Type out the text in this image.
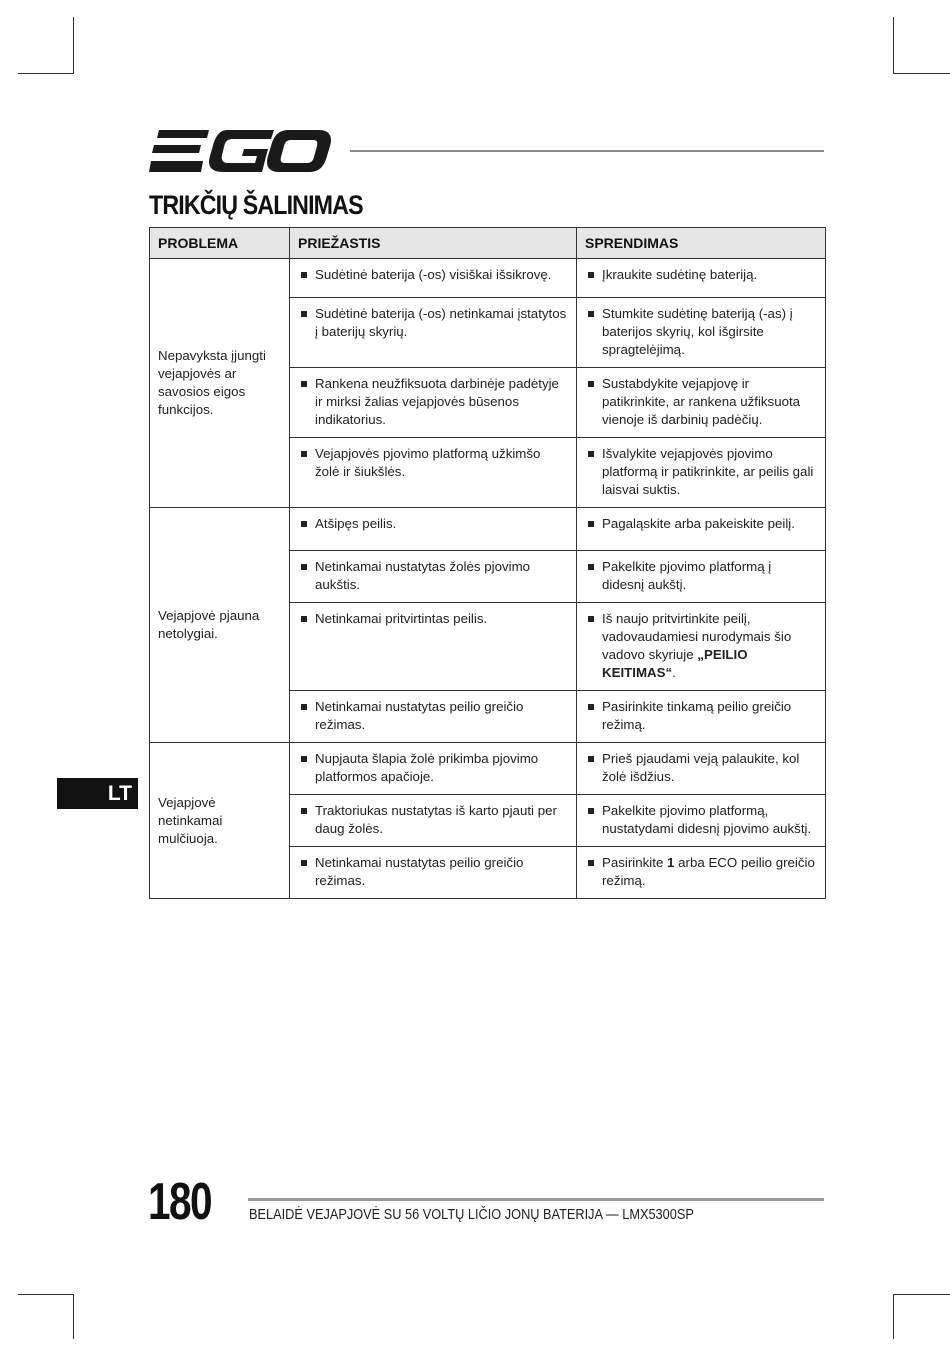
TRIKČIŲ ŠALINIMAS
PROBLEMA	PRIEŽASTIS	SPRENDIMAS
Nepavyksta įjungti vejapjovės ar savosios eigos funkcijos.	Sudėtinė baterija (-os) visiškai išsikrovę.	Įkraukite sudėtinę bateriją.

	Sudėtinė baterija (-os) netinkamai įstatytos į baterijų skyrių.	Stumkite sudėtinę bateriją (-as) į baterijos skyrių, kol išgirsite spragtelėjimą.

	Rankena neužfiksuota darbinėje padėtyje ir mirksi žalias vejapjovės būsenos indikatorius.	Sustabdykite vejapjovę ir patikrinkite, ar rankena užfiksuota vienoje iš darbinių padėčių.

	Vejapjovės pjovimo platformą užkimšo žolė ir šiukšlės.	Išvalykite vejapjovės pjovimo platformą ir patikrinkite, ar peilis gali laisvai suktis.

Vejapjovė pjauna netolygiai.	Atšipęs peilis.	Pagaląskite arba pakeiskite peilį.

	Netinkamai nustatytas žolės pjovimo aukštis.	Pakelkite pjovimo platformą į didesnį aukštį.

	Netinkamai pritvirtintas peilis.	Iš naujo pritvirtinkite peilį, vadovaudamiesi nurodymais šio vadovo skyriuje „PEILIO KEITIMAS“.

	Netinkamai nustatytas peilio greičio režimas.	Pasirinkite tinkamą peilio greičio režimą.

Vejapjovė netinkamai mulčiuoja.	Nupjauta šlapia žolė prikimba pjovimo platformos apačioje.	Prieš pjaudami veją palaukite, kol žolė išdžius.

	Traktoriukas nustatytas iš karto pjauti per daug žolės.	Pakelkite pjovimo platformą, nustatydami didesnį pjovimo aukštį.

	Netinkamai nustatytas peilio greičio režimas.	Pasirinkite 1 arba ECO peilio greičio režimą.
LT
180	BELAIDĖ VEJAPJOVĖ SU 56 VOLTŲ LIČIO JONŲ BATERIJA — LMX5300SP
